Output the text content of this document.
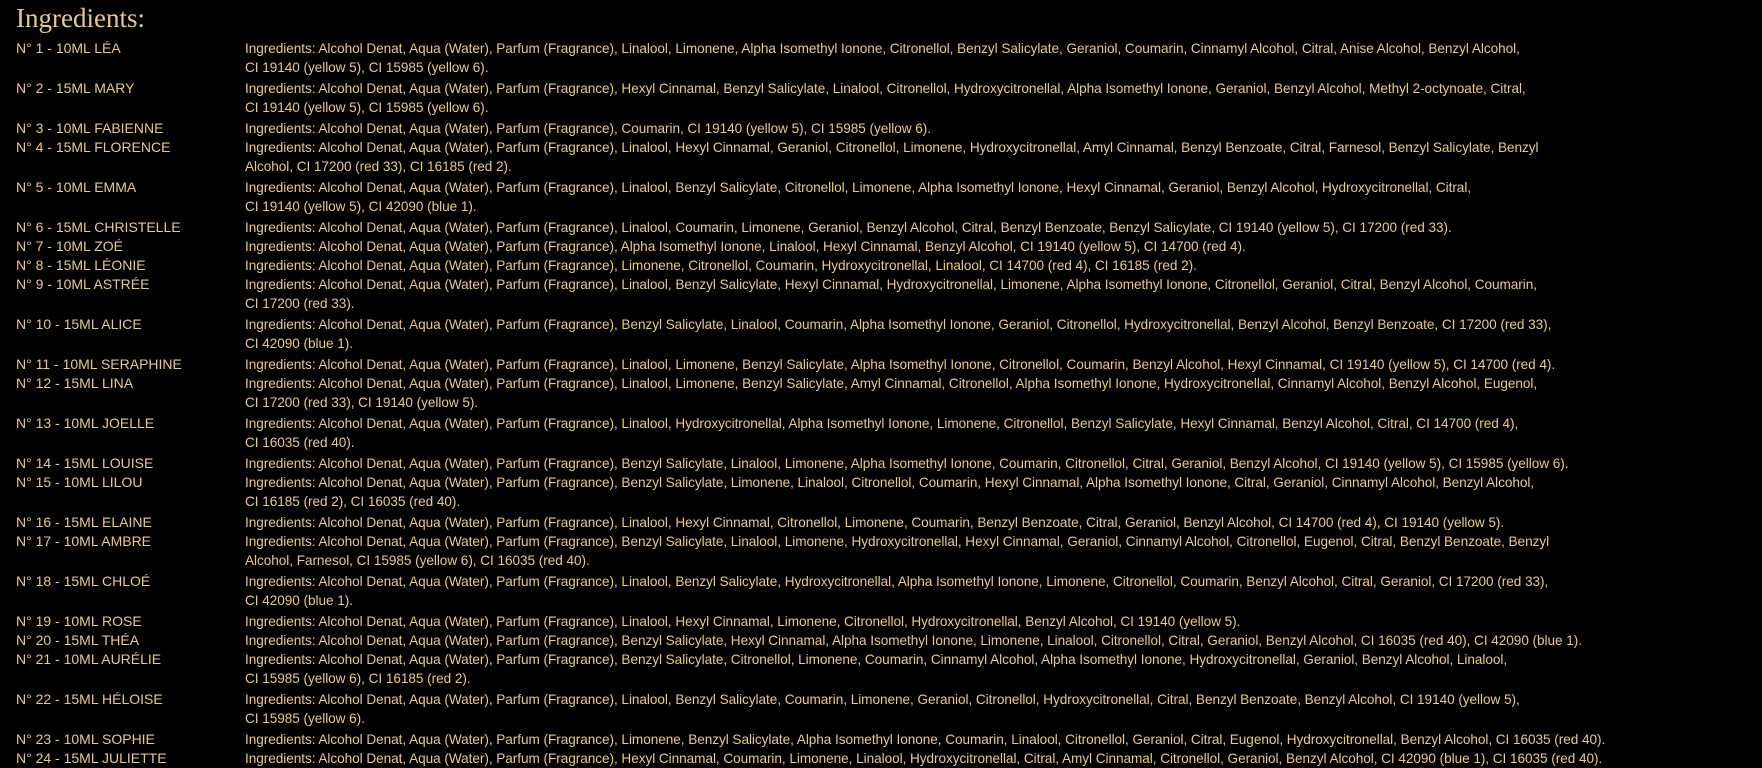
Ingredients:
N° 1 - 10ML LÉA	Ingredients: Alcohol Denat, Aqua (Water), Parfum (Fragrance), Linalool, Limonene, Alpha Isomethyl Ionone, Citronellol, Benzyl Salicylate, Geraniol, Coumarin, Cinnamyl Alcohol, Citral, Anise Alcohol, Benzyl Alcohol,
CI 19140 (yellow 5), CI 15985 (yellow 6).
N° 2 - 15ML MARY	Ingredients: Alcohol Denat, Aqua (Water), Parfum (Fragrance), Hexyl Cinnamal, Benzyl Salicylate, Linalool, Citronellol, Hydroxycitronellal, Alpha Isomethyl Ionone, Geraniol, Benzyl Alcohol, Methyl 2-octynoate, Citral,
CI 19140 (yellow 5), CI 15985 (yellow 6).
N° 3 - 10ML FABIENNE	Ingredients: Alcohol Denat, Aqua (Water), Parfum (Fragrance), Coumarin, CI 19140 (yellow 5), CI 15985 (yellow 6).
N° 4 - 15ML FLORENCE	Ingredients: Alcohol Denat, Aqua (Water), Parfum (Fragrance), Linalool, Hexyl Cinnamal, Geraniol, Citronellol, Limonene, Hydroxycitronellal, Amyl Cinnamal, Benzyl Benzoate, Citral, Farnesol, Benzyl Salicylate, Benzyl
Alcohol, CI 17200 (red 33), CI 16185 (red 2).
N° 5 - 10ML EMMA	Ingredients: Alcohol Denat, Aqua (Water), Parfum (Fragrance), Linalool, Benzyl Salicylate, Citronellol, Limonene, Alpha Isomethyl Ionone, Hexyl Cinnamal, Geraniol, Benzyl Alcohol, Hydroxycitronellal, Citral,
CI 19140 (yellow 5), CI 42090 (blue 1).
N° 6 - 15ML CHRISTELLE	Ingredients: Alcohol Denat, Aqua (Water), Parfum (Fragrance), Linalool, Coumarin, Limonene, Geraniol, Benzyl Alcohol, Citral, Benzyl Benzoate, Benzyl Salicylate, CI 19140 (yellow 5), CI 17200 (red 33).
N° 7 - 10ML ZOÉ	Ingredients: Alcohol Denat, Aqua (Water), Parfum (Fragrance), Alpha Isomethyl Ionone, Linalool, Hexyl Cinnamal, Benzyl Alcohol, CI 19140 (yellow 5), CI 14700 (red 4).
N° 8 - 15ML LÉONIE	Ingredients: Alcohol Denat, Aqua (Water), Parfum (Fragrance), Limonene, Citronellol, Coumarin, Hydroxycitronellal, Linalool, CI 14700 (red 4), CI 16185 (red 2).
N° 9 - 10ML ASTRÉE	Ingredients: Alcohol Denat, Aqua (Water), Parfum (Fragrance), Linalool, Benzyl Salicylate, Hexyl Cinnamal, Hydroxycitronellal, Limonene, Alpha Isomethyl Ionone, Citronellol, Geraniol, Citral, Benzyl Alcohol, Coumarin,
CI 17200 (red 33).
N° 10 - 15ML ALICE	Ingredients: Alcohol Denat, Aqua (Water), Parfum (Fragrance), Benzyl Salicylate, Linalool, Coumarin, Alpha Isomethyl Ionone, Geraniol, Citronellol, Hydroxycitronellal, Benzyl Alcohol, Benzyl Benzoate, CI 17200 (red 33),
CI 42090 (blue 1).
N° 11 - 10ML SERAPHINE	Ingredients: Alcohol Denat, Aqua (Water), Parfum (Fragrance), Linalool, Limonene, Benzyl Salicylate, Alpha Isomethyl Ionone, Citronellol, Coumarin, Benzyl Alcohol, Hexyl Cinnamal, CI 19140 (yellow 5), CI 14700 (red 4).
N° 12 - 15ML LINA	Ingredients: Alcohol Denat, Aqua (Water), Parfum (Fragrance), Linalool, Limonene, Benzyl Salicylate, Amyl Cinnamal, Citronellol, Alpha Isomethyl Ionone, Hydroxycitronellal, Cinnamyl Alcohol, Benzyl Alcohol, Eugenol,
CI 17200 (red 33), CI 19140 (yellow 5).
N° 13 - 10ML JOELLE	Ingredients: Alcohol Denat, Aqua (Water), Parfum (Fragrance), Linalool, Hydroxycitronellal, Alpha Isomethyl Ionone, Limonene, Citronellol, Benzyl Salicylate, Hexyl Cinnamal, Benzyl Alcohol, Citral, CI 14700 (red 4),
CI 16035 (red 40).
N° 14 - 15ML LOUISE	Ingredients: Alcohol Denat, Aqua (Water), Parfum (Fragrance), Benzyl Salicylate, Linalool, Limonene, Alpha Isomethyl Ionone, Coumarin, Citronellol, Citral, Geraniol, Benzyl Alcohol, CI 19140 (yellow 5), CI 15985 (yellow 6).
N° 15 - 10ML LILOU	Ingredients: Alcohol Denat, Aqua (Water), Parfum (Fragrance), Benzyl Salicylate, Limonene, Linalool, Citronellol, Coumarin, Hexyl Cinnamal, Alpha Isomethyl Ionone, Citral, Geraniol, Cinnamyl Alcohol, Benzyl Alcohol,
CI 16185 (red 2), CI 16035 (red 40).
N° 16 - 15ML ELAINE	Ingredients: Alcohol Denat, Aqua (Water), Parfum (Fragrance), Linalool, Hexyl Cinnamal, Citronellol, Limonene, Coumarin, Benzyl Benzoate, Citral, Geraniol, Benzyl Alcohol, CI 14700 (red 4), CI 19140 (yellow 5).
N° 17 - 10ML AMBRE	Ingredients: Alcohol Denat, Aqua (Water), Parfum (Fragrance), Benzyl Salicylate, Linalool, Limonene, Hydroxycitronellal, Hexyl Cinnamal, Geraniol, Cinnamyl Alcohol, Citronellol, Eugenol, Citral, Benzyl Benzoate, Benzyl
Alcohol, Farnesol, CI 15985 (yellow 6), CI 16035 (red 40).
N° 18 - 15ML CHLOÉ	Ingredients: Alcohol Denat, Aqua (Water), Parfum (Fragrance), Linalool, Benzyl Salicylate, Hydroxycitronellal, Alpha Isomethyl Ionone, Limonene, Citronellol, Coumarin, Benzyl Alcohol, Citral, Geraniol, CI 17200 (red 33),
CI 42090 (blue 1).
N° 19 - 10ML ROSE	Ingredients: Alcohol Denat, Aqua (Water), Parfum (Fragrance), Linalool, Hexyl Cinnamal, Limonene, Citronellol, Hydroxycitronellal, Benzyl Alcohol, CI 19140 (yellow 5).
N° 20 - 15ML THÉA	Ingredients: Alcohol Denat, Aqua (Water), Parfum (Fragrance), Benzyl Salicylate, Hexyl Cinnamal, Alpha Isomethyl Ionone, Limonene, Linalool, Citronellol, Citral, Geraniol, Benzyl Alcohol, CI 16035 (red 40), CI 42090 (blue 1).
N° 21 - 10ML AURÉLIE	Ingredients: Alcohol Denat, Aqua (Water), Parfum (Fragrance), Benzyl Salicylate, Citronellol, Limonene, Coumarin, Cinnamyl Alcohol, Alpha Isomethyl Ionone, Hydroxycitronellal, Geraniol, Benzyl Alcohol, Linalool,
CI 15985 (yellow 6), CI 16185 (red 2).
N° 22 - 15ML HÉLOISE	Ingredients: Alcohol Denat, Aqua (Water), Parfum (Fragrance), Linalool, Benzyl Salicylate, Coumarin, Limonene, Geraniol, Citronellol, Hydroxycitronellal, Citral, Benzyl Benzoate, Benzyl Alcohol, CI 19140 (yellow 5),
CI 15985 (yellow 6).
N° 23 - 10ML SOPHIE	Ingredients: Alcohol Denat, Aqua (Water), Parfum (Fragrance), Limonene, Benzyl Salicylate, Alpha Isomethyl Ionone, Coumarin, Linalool, Citronellol, Geraniol, Citral, Eugenol, Hydroxycitronellal, Benzyl Alcohol, CI 16035 (red 40).
N° 24 - 15ML JULIETTE	Ingredients: Alcohol Denat, Aqua (Water), Parfum (Fragrance), Hexyl Cinnamal, Coumarin, Limonene, Linalool, Hydroxycitronellal, Citral, Amyl Cinnamal, Citronellol, Geraniol, Benzyl Alcohol, CI 42090 (blue 1), CI 16035 (red 40).
